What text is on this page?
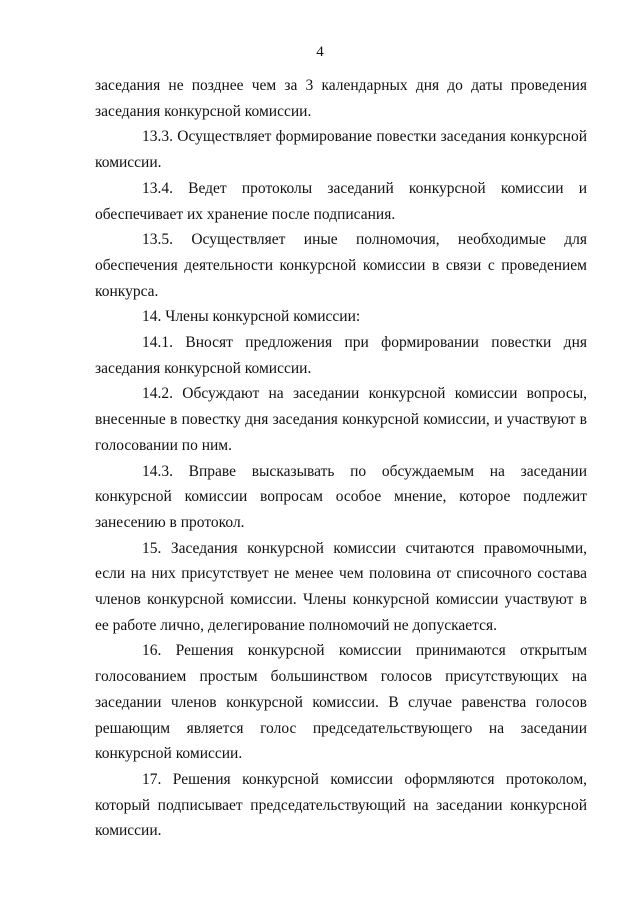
4

заседания не позднее чем за 3 календарных дня до даты проведения заседания конкурсной комиссии.

13.3. Осуществляет формирование повестки заседания конкурсной комиссии.

13.4. Ведет протоколы заседаний конкурсной комиссии и обеспечивает их хранение после подписания.

13.5. Осуществляет иные полномочия, необходимые для обеспечения деятельности конкурсной комиссии в связи с проведением конкурса.

14. Члены конкурсной комиссии:

14.1. Вносят предложения при формировании повестки дня заседания конкурсной комиссии.

14.2. Обсуждают на заседании конкурсной комиссии вопросы, внесенные в повестку дня заседания конкурсной комиссии, и участвуют в голосовании по ним.

14.3. Вправе высказывать по обсуждаемым на заседании конкурсной комиссии вопросам особое мнение, которое подлежит занесению в протокол.

15. Заседания конкурсной комиссии считаются правомочными, если на них присутствует не менее чем половина от списочного состава членов конкурсной комиссии. Члены конкурсной комиссии участвуют в ее работе лично, делегирование полномочий не допускается.

16. Решения конкурсной комиссии принимаются открытым голосованием простым большинством голосов присутствующих на заседании членов конкурсной комиссии. В случае равенства голосов решающим является голос председательствующего на заседании конкурсной комиссии.

17. Решения конкурсной комиссии оформляются протоколом, который подписывает председательствующий на заседании конкурсной комиссии.
